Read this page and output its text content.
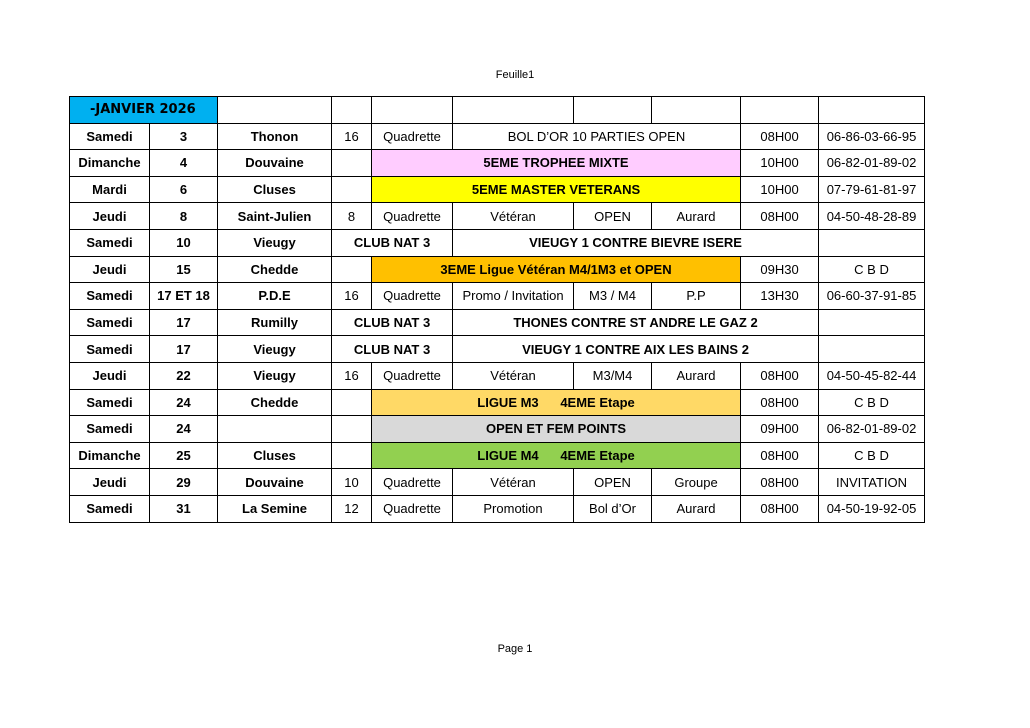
Feuille1
-JANVIER 2026									
Samedi	3	Thonon	16	Quadrette	BOL D’OR 10 PARTIES OPEN			08H00	06-86-03-66-95
Dimanche	4	Douvaine		5EME TROPHEE MIXTE				10H00	06-82-01-89-02
Mardi	6	Cluses		5EME MASTER VETERANS				10H00	07-79-61-81-97
Jeudi	8	Saint-Julien	8	Quadrette	Vétéran	OPEN	Aurard	08H00	04-50-48-28-89
Samedi	10	Vieugy	CLUB NAT 3		VIEUGY 1 CONTRE BIEVRE ISERE				
Jeudi	15	Chedde		3EME Ligue Vétéran M4/1M3 et OPEN				09H30	C B D
Samedi	17 ET 18	P.D.E	16	Quadrette	Promo / Invitation	M3 / M4	P.P	13H30	06-60-37-91-85
Samedi	17	Rumilly	CLUB NAT 3		THONES CONTRE ST ANDRE LE GAZ 2				
Samedi	17	Vieugy	CLUB NAT 3		VIEUGY 1 CONTRE AIX LES BAINS 2				
Jeudi	22	Vieugy	16	Quadrette	Vétéran	M3/M4	Aurard	08H00	04-50-45-82-44
Samedi	24	Chedde		LIGUE M3      4EME Etape				08H00	C B D
Samedi	24			OPEN ET FEM POINTS				09H00	06-82-01-89-02
Dimanche	25	Cluses		LIGUE M4      4EME Etape				08H00	C B D
Jeudi	29	Douvaine	10	Quadrette	Vétéran	OPEN	Groupe	08H00	INVITATION
Samedi	31	La Semine	12	Quadrette	Promotion	Bol d’Or	Aurard	08H00	04-50-19-92-05
Page 1
